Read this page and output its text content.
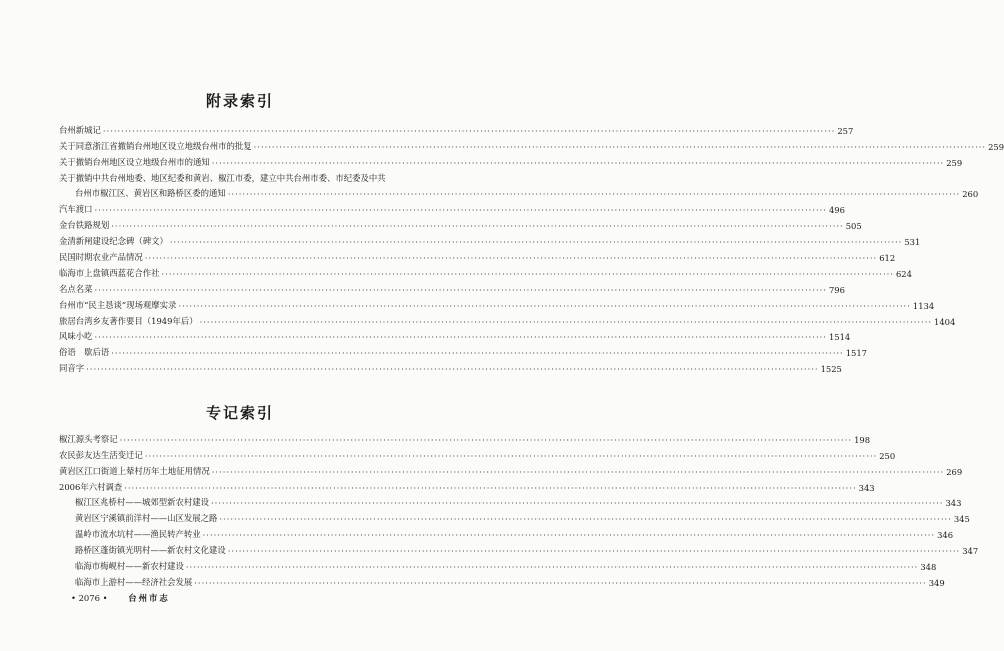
附录索引
台州新城记 ········································································································································································································ 257
关于同意浙江省撤销台州地区设立地级台州市的批复 ········································································································································································································ 259
关于撤销台州地区设立地级台州市的通知 ········································································································································································································ 259
关于撤销中共台州地委、地区纪委和黄岩、椒江市委，建立中共台州市委、市纪委及中共
台州市椒江区、黄岩区和路桥区委的通知 ········································································································································································································ 260
汽车渡口 ········································································································································································································ 496
金台铁路规划 ········································································································································································································ 505
金清新闸建设纪念碑（碑文） ········································································································································································································ 531
民国时期农业产品情况 ········································································································································································································ 612
临海市上盘镇西蓝花合作社 ········································································································································································································ 624
名点名菜 ········································································································································································································ 796
台州市“民主恳谈”现场观摩实录 ········································································································································································································ 1134
旅居台湾乡友著作要目（1949年后） ········································································································································································································ 1404
风味小吃 ········································································································································································································ 1514
俗语　歇后语 ········································································································································································································ 1517
同音字 ········································································································································································································ 1525
专记索引
椒江源头考察记 ········································································································································································································ 198
农民彭友达生活变迁记 ········································································································································································································ 250
黄岩区江口街道上辇村历年土地征用情况 ········································································································································································································ 269
2006年六村调查 ········································································································································································································ 343
椒江区兆桥村——城郊型新农村建设 ········································································································································································································ 343
黄岩区宁溪镇前洋村——山区发展之路 ········································································································································································································ 345
温岭市流水坑村——渔民转产转业 ········································································································································································································ 346
路桥区蓬街镇光明村——新农村文化建设 ········································································································································································································ 347
临海市梅岘村——新农村建设 ········································································································································································································ 348
临海市上游村——经济社会发展 ········································································································································································································ 349
• 2076 • 台州市志
